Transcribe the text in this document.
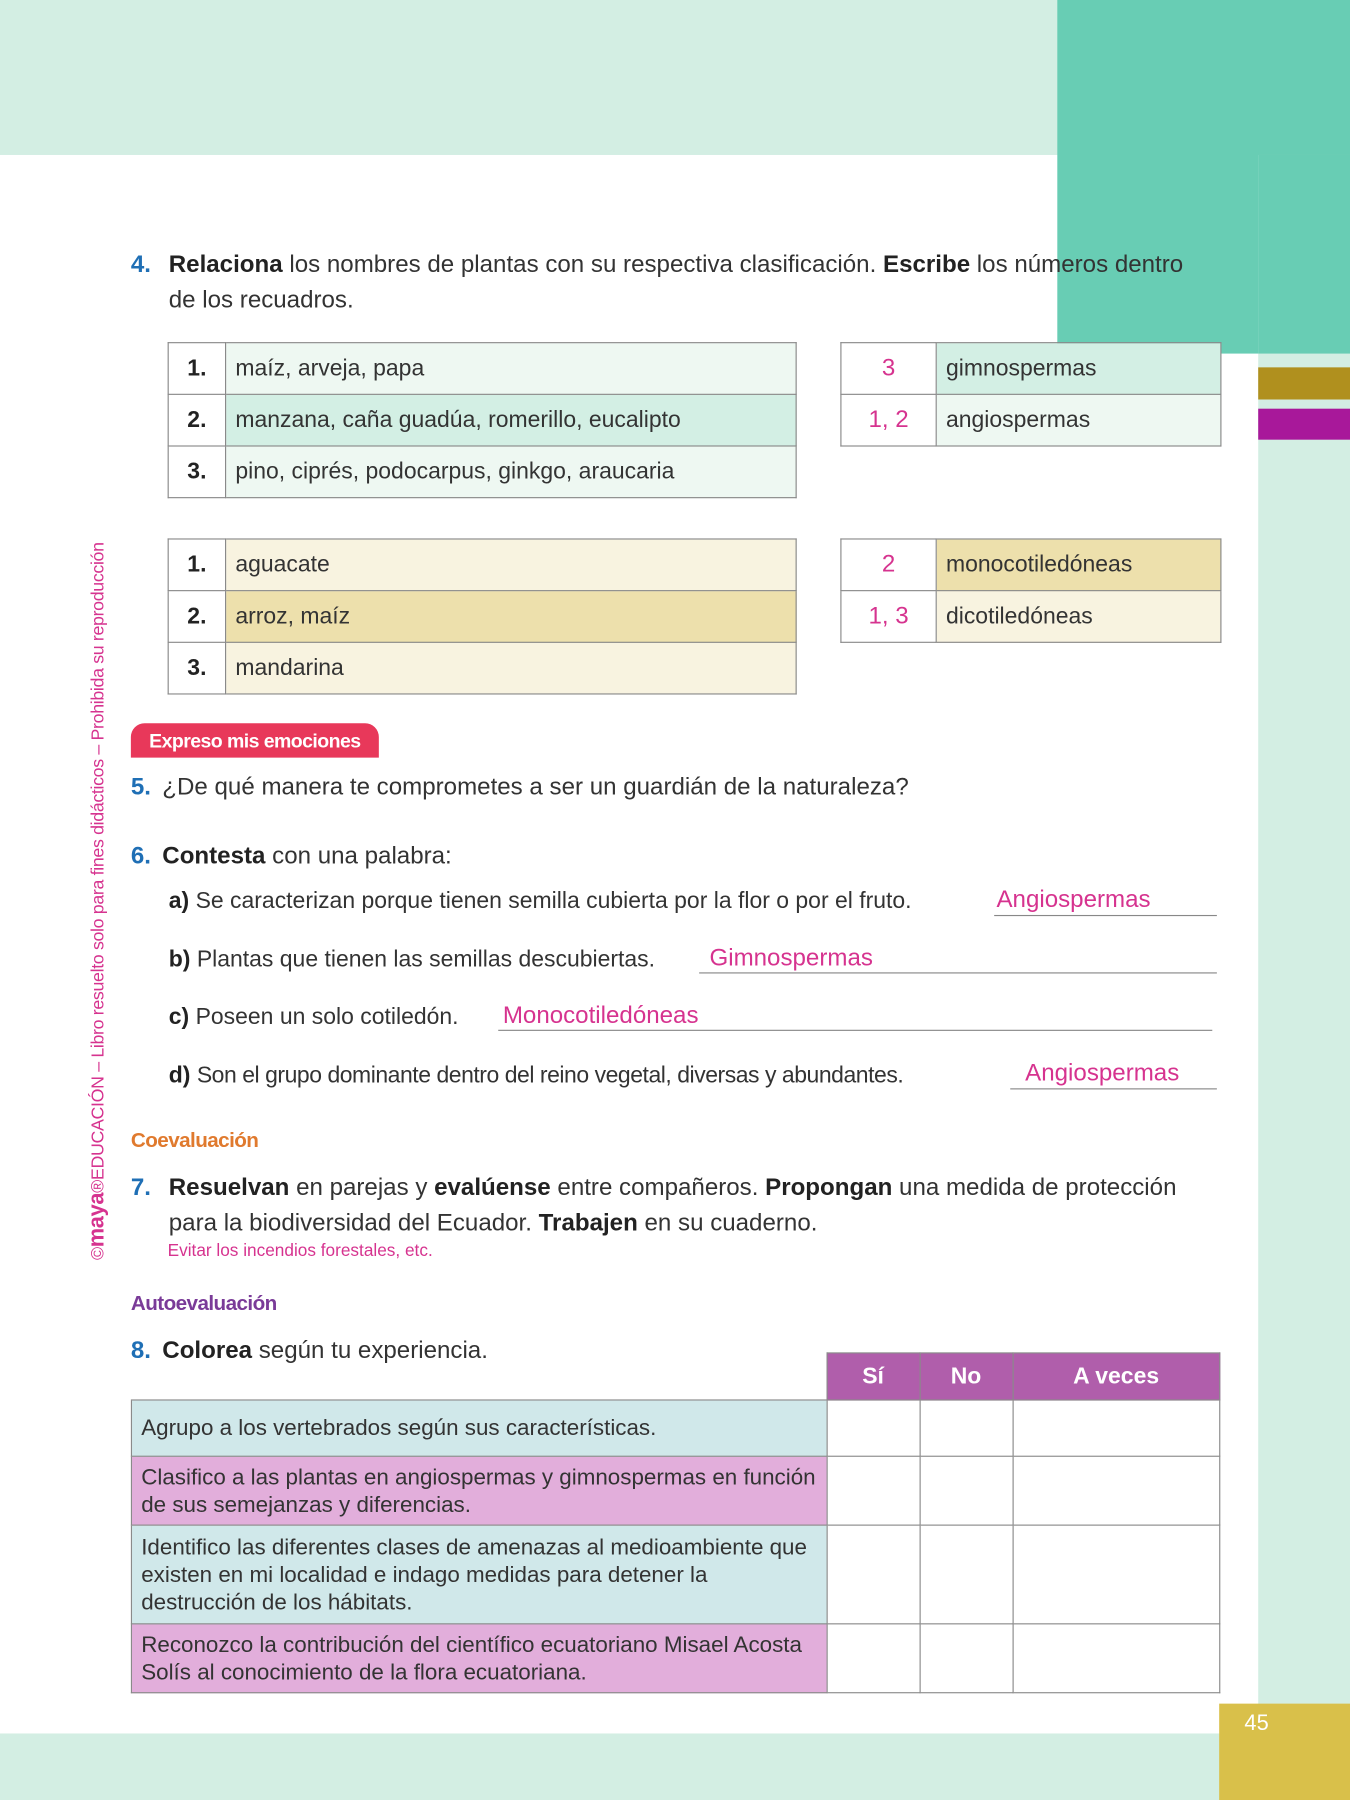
45
©maya®EDUCACIÓN – Libro resuelto solo para fines didácticos – Prohibida su reproducción
4. Relaciona los nombres de plantas con su respectiva clasificación. Escribe los números dentro de los recuadros.
1.	maíz, arveja, papa
2.	manzana, caña guadúa, romerillo, eucalipto
3.	pino, ciprés, podocarpus, ginkgo, araucaria
3	gimnospermas
1, 2	angiospermas
1.	aguacate
2.	arroz, maíz
3.	mandarina
2	monocotiledóneas
1, 3	dicotiledóneas
Expreso mis emociones
5. ¿De qué manera te comprometes a ser un guardián de la naturaleza?
6. Contesta con una palabra:
a) Se caracterizan porque tienen semilla cubierta por la flor o por el fruto.	Angiospermas
b) Plantas que tienen las semillas descubiertas.	Gimnospermas
c) Poseen un solo cotiledón. Monocotiledóneas
d) Son el grupo dominante dentro del reino vegetal, diversas y abundantes.	Angiospermas
Coevaluación
7. Resuelvan en parejas y evalúense entre compañeros. Propongan una medida de protección para la biodiversidad del Ecuador. Trabajen en su cuaderno.
Evitar los incendios forestales, etc.
Autoevaluación
	Sí	No	A veces
Agrupo a los vertebrados según sus características.			
Clasifico a las plantas en angiospermas y gimnospermas en función de sus semejanzas y diferencias.			
Identifico las diferentes clases de amenazas al medioambiente que existen en mi localidad e indago medidas para detener la destrucción de los hábitats.			
Reconozco la contribución del científico ecuatoriano Misael Acosta Solís al conocimiento de la flora ecuatoriana.			
8. Colorea según tu experiencia.
